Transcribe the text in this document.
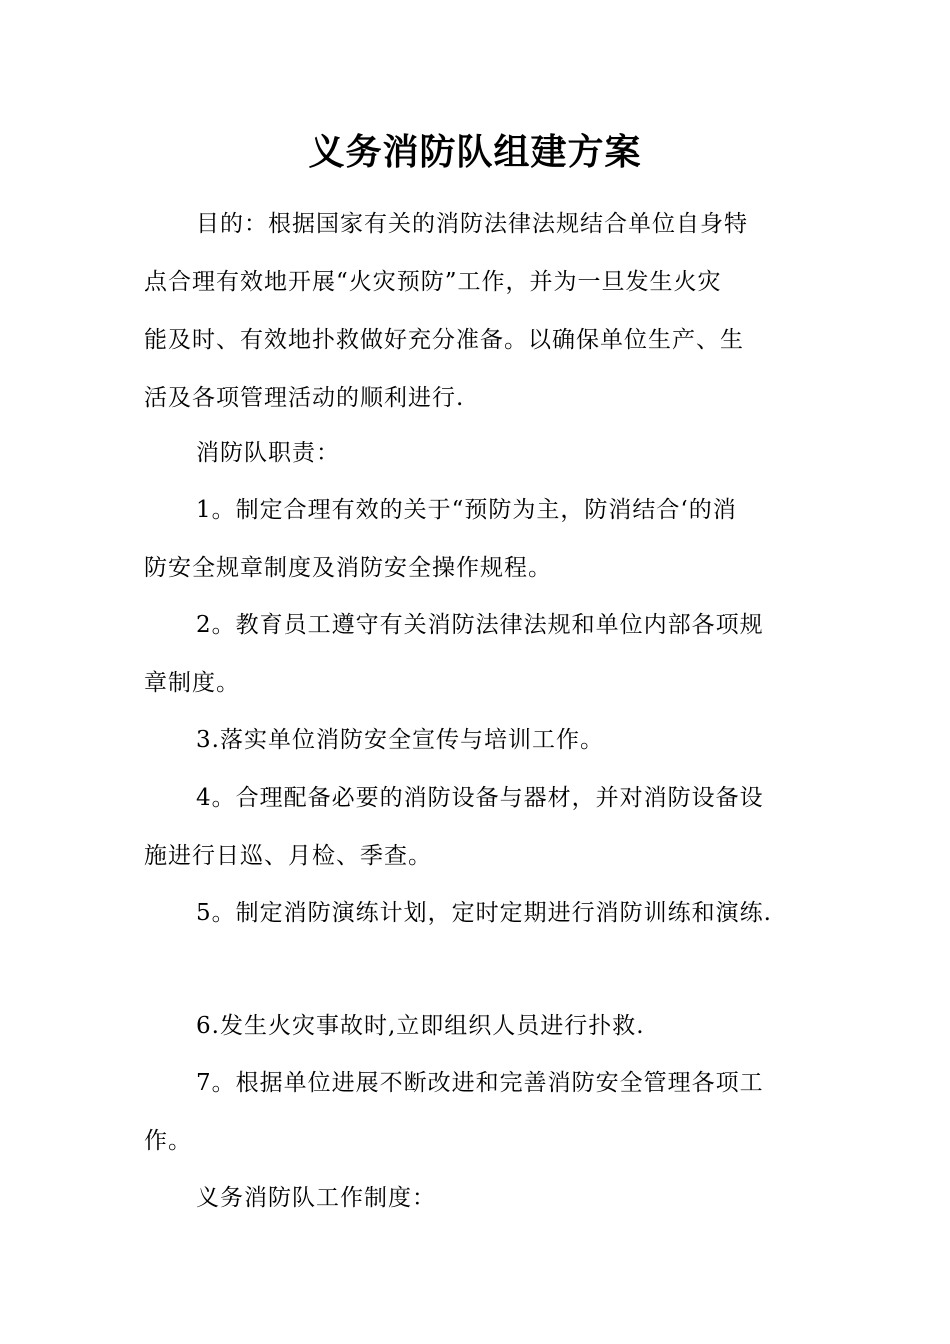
义务消防队组建方案
目的：根据国家有关的消防法律法规结合单位自身特
点合理有效地开展“火灾预防”工作，并为一旦发生火灾
能及时、有效地扑救做好充分准备。以确保单位生产、生
活及各项管理活动的顺利进行.
消防队职责：
1。制定合理有效的关于“预防为主，防消结合‘的消
防安全规章制度及消防安全操作规程。
2。教育员工遵守有关消防法律法规和单位内部各项规
章制度。
3.落实单位消防安全宣传与培训工作。
4。合理配备必要的消防设备与器材，并对消防设备设
施进行日巡、月检、季查。
5。制定消防演练计划，定时定期进行消防训练和演练.
6.发生火灾事故时,立即组织人员进行扑救.
7。根据单位进展不断改进和完善消防安全管理各项工
作。
义务消防队工作制度：
